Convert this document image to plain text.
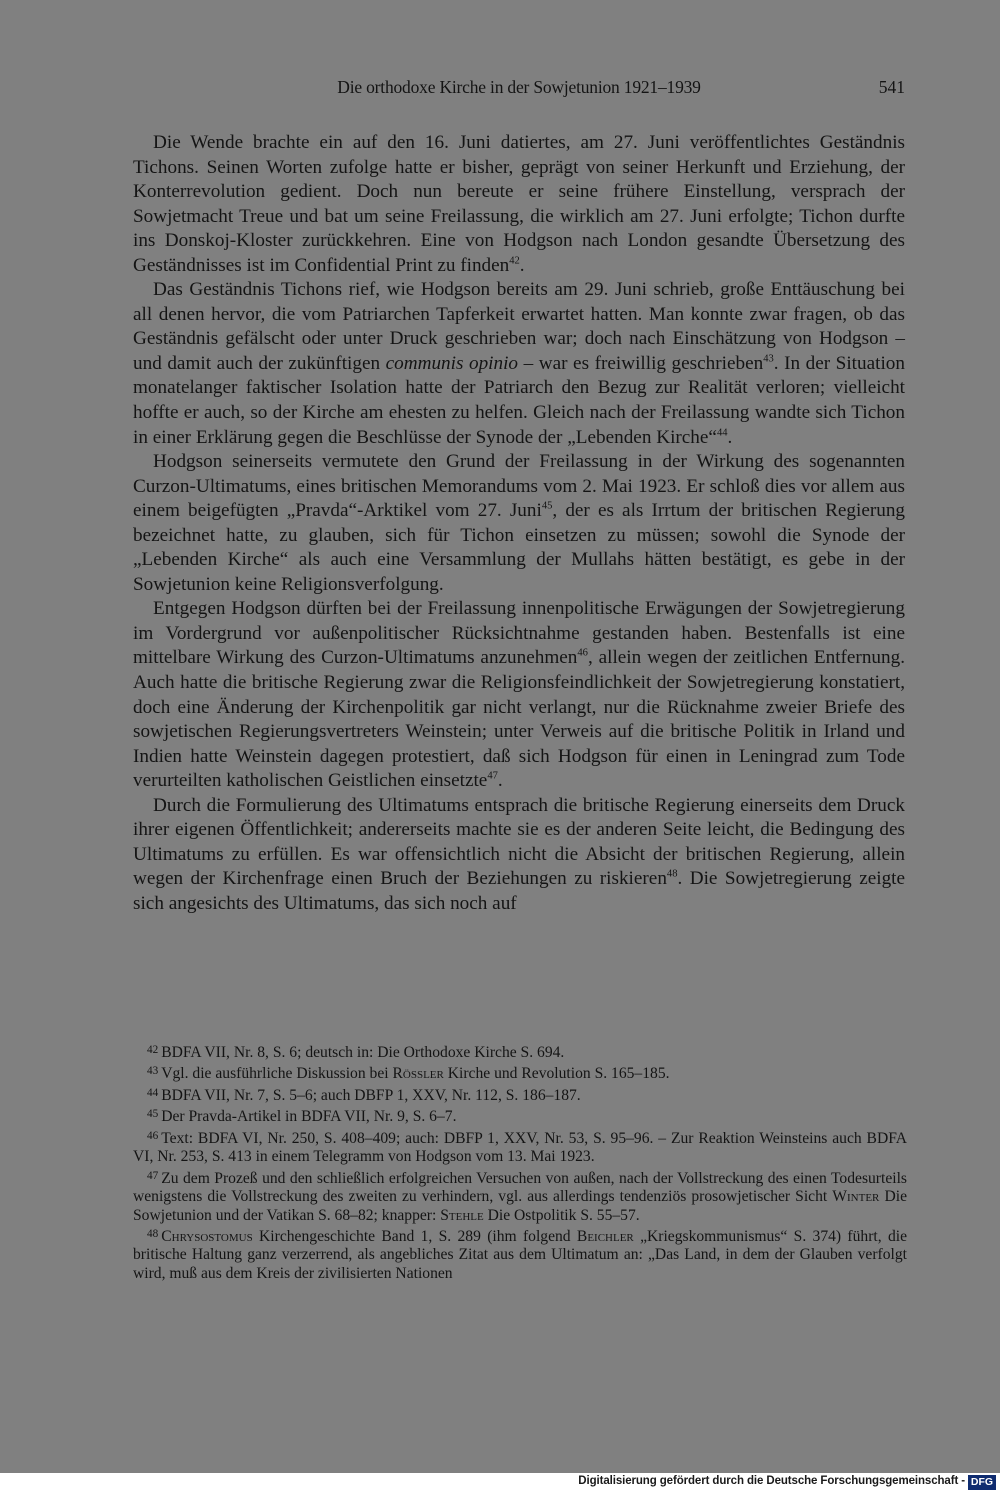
Die orthodoxe Kirche in der Sowjetunion 1921–1939	541

Die Wende brachte ein auf den 16. Juni datiertes, am 27. Juni veröffentlichtes Geständnis Tichons. Seinen Worten zufolge hatte er bisher, geprägt von seiner Herkunft und Erziehung, der Konterrevolution gedient. Doch nun bereute er seine frühere Einstellung, versprach der Sowjetmacht Treue und bat um seine Freilassung, die wirklich am 27. Juni erfolgte; Tichon durfte ins Donskoj-Kloster zurückkehren. Eine von Hodgson nach London gesandte Übersetzung des Geständnisses ist im Confidential Print zu finden$^{42}$.

Das Geständnis Tichons rief, wie Hodgson bereits am 29. Juni schrieb, große Enttäuschung bei all denen hervor, die vom Patriarchen Tapferkeit erwartet hatten. Man konnte zwar fragen, ob das Geständnis gefälscht oder unter Druck geschrieben war; doch nach Einschätzung von Hodgson – und damit auch der zukünftigen communis opinio – war es freiwillig geschrieben$^{43}$. In der Situation monatelanger faktischer Isolation hatte der Patriarch den Bezug zur Realität verloren; vielleicht hoffte er auch, so der Kirche am ehesten zu helfen. Gleich nach der Freilassung wandte sich Tichon in einer Erklärung gegen die Beschlüsse der Synode der „Lebenden Kirche“$^{44}$.

Hodgson seinerseits vermutete den Grund der Freilassung in der Wirkung des sogenannten Curzon-Ultimatums, eines britischen Memorandums vom 2. Mai 1923. Er schloß dies vor allem aus einem beigefügten „Pravda“-Arktikel vom 27. Juni$^{45}$, der es als Irrtum der britischen Regierung bezeichnet hatte, zu glauben, sich für Tichon einsetzen zu müssen; sowohl die Synode der „Lebenden Kirche“ als auch eine Versammlung der Mullahs hätten bestätigt, es gebe in der Sowjetunion keine Religionsverfolgung.

Entgegen Hodgson dürften bei der Freilassung innenpolitische Erwägungen der Sowjetregierung im Vordergrund vor außenpolitischer Rücksichtnahme gestanden haben. Bestenfalls ist eine mittelbare Wirkung des Curzon-Ultimatums anzunehmen$^{46}$, allein wegen der zeitlichen Entfernung. Auch hatte die britische Regierung zwar die Religionsfeindlichkeit der Sowjetregierung konstatiert, doch eine Änderung der Kirchenpolitik gar nicht verlangt, nur die Rücknahme zweier Briefe des sowjetischen Regierungsvertreters Weinstein; unter Verweis auf die britische Politik in Irland und Indien hatte Weinstein dagegen protestiert, daß sich Hodgson für einen in Leningrad zum Tode verurteilten katholischen Geistlichen einsetzte$^{47}$.

Durch die Formulierung des Ultimatums entsprach die britische Regierung einerseits dem Druck ihrer eigenen Öffentlichkeit; andererseits machte sie es der anderen Seite leicht, die Bedingung des Ultimatums zu erfüllen. Es war offensichtlich nicht die Absicht der britischen Regierung, allein wegen der Kirchenfrage einen Bruch der Beziehungen zu riskieren$^{48}$. Die Sowjetregierung zeigte sich angesichts des Ultimatums, das sich noch auf

$^{42}$ BDFA VII, Nr. 8, S. 6; deutsch in: Die Orthodoxe Kirche S. 694.

$^{43}$ Vgl. die ausführliche Diskussion bei Rössler Kirche und Revolution S. 165–185.

$^{44}$ BDFA VII, Nr. 7, S. 5–6; auch DBFP 1, XXV, Nr. 112, S. 186–187.

$^{45}$ Der Pravda-Artikel in BDFA VII, Nr. 9, S. 6–7.

$^{46}$ Text: BDFA VI, Nr. 250, S. 408–409; auch: DBFP 1, XXV, Nr. 53, S. 95–96. – Zur Reaktion Weinsteins auch BDFA VI, Nr. 253, S. 413 in einem Telegramm von Hodgson vom 13. Mai 1923.

$^{47}$ Zu dem Prozeß und den schließlich erfolgreichen Versuchen von außen, nach der Vollstreckung des einen Todesurteils wenigstens die Vollstreckung des zweiten zu verhindern, vgl. aus allerdings tendenziös prosowjetischer Sicht Winter Die Sowjetunion und der Vatikan S. 68–82; knapper: Stehle Die Ostpolitik S. 55–57.

$^{48}$ Chrysostomus Kirchengeschichte Band 1, S. 289 (ihm folgend Beichler „Kriegskommunismus“ S. 374) führt, die britische Haltung ganz verzerrend, als angebliches Zitat aus dem Ultimatum an: „Das Land, in dem der Glauben verfolgt wird, muß aus dem Kreis der zivilisierten Nationen

Digitalisierung gefördert durch die Deutsche Forschungsgemeinschaft - DFG
